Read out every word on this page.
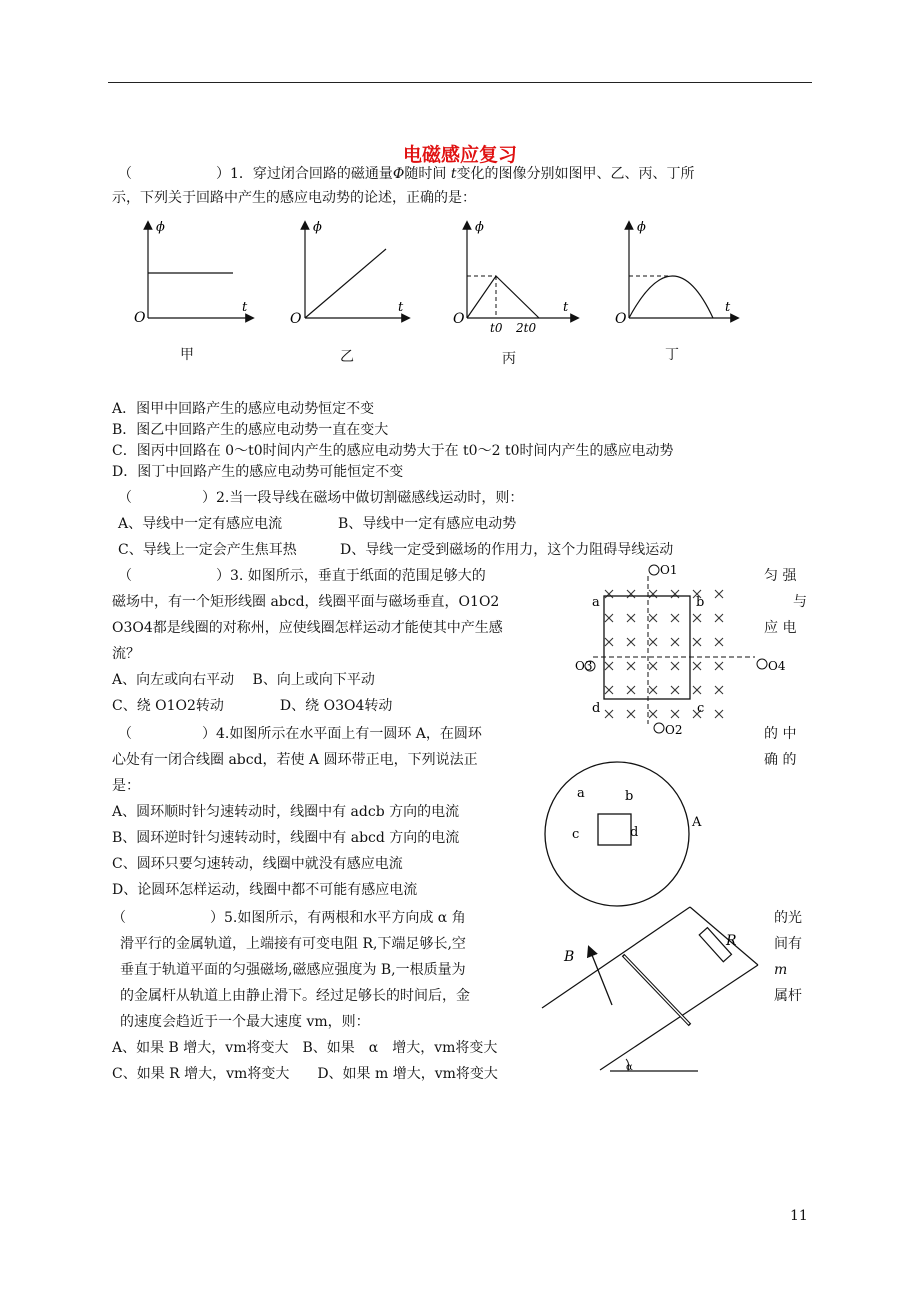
电磁感应复习
（　　　　　　）1．穿过闭合回路的磁通量Φ随时间 t变化的图像分别如图甲、乙、丙、丁所
示，下列关于回路中产生的感应电动势的论述，正确的是：
ϕ
t
O
ϕ
t
O
ϕ
t
O
t0 2t0
ϕ
t
O
甲	乙	丙	丁
A．图甲中回路产生的感应电动势恒定不变
B．图乙中回路产生的感应电动势一直在变大
C．图丙中回路在 0～t0时间内产生的感应电动势大于在 t0～2 t0时间内产生的感应电动势
D．图丁中回路产生的感应电动势可能恒定不变
（　　　　　）2.当一段导线在磁场中做切割磁感线运动时，则：
A、导线中一定有感应电流	B、导线中一定有感应电动势
C、导线上一定会产生焦耳热	D、导线一定受到磁场的作用力，这个力阻碍导线运动
（　　　　　　）3. 如图所示，垂直于纸面的范围足够大的	匀 强
磁场中，有一个矩形线圈 abcd，线圈平面与磁场垂直，O1O2	与
O3O4都是线圈的对称州，应使线圈怎样运动才能使其中产生感	应 电
流？
A、向左或向右平动　 B、向上或向下平动
C、绕 O1O2转动　　　　D、绕 O3O4转动
O1
O2
O3	O4
a	b
c
d
（　　　　　）4.如图所示在水平面上有一圆环 A，在圆环	的 中
心处有一闭合线圈 abcd，若使 A 圆环带正电，下列说法正	确 的
是：
A、圆环顺时针匀速转动时，线圈中有 adcb 方向的电流
B、圆环逆时针匀速转动时，线圈中有 abcd 方向的电流
C、圆环只要匀速转动，线圈中就没有感应电流
D、论圆环怎样运动，线圈中都不可能有感应电流
a	b
c	d
A
（　　　　　　）5.如图所示，有两根和水平方向成 α 角	的光
滑平行的金属轨道，上端接有可变电阻 R,下端足够长,空	间有
垂直于轨道平面的匀强磁场,磁感应强度为 B,一根质量为	m
的金属杆从轨道上由静止滑下。经过足够长的时间后，金	属杆
的速度会趋近于一个最大速度 vm，则：
A、如果 B 增大，vm将变大　B、如果　α　增大，vm将变大
C、如果 R 增大，vm将变大　　D、如果 m 增大，vm将变大
B
R
α
11
